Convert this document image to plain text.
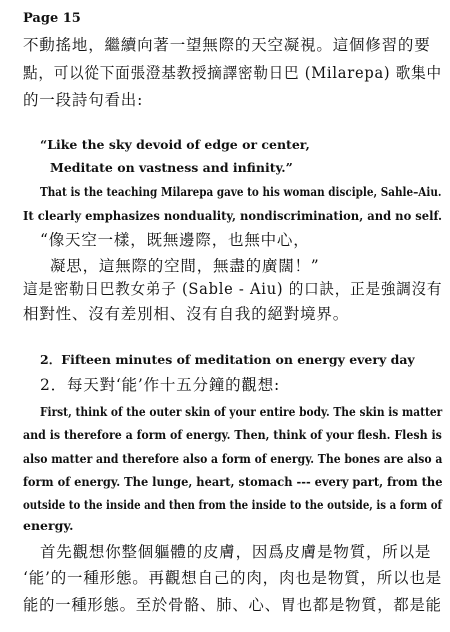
Page 15
不動搖地，繼續向著一望無際的天空凝視。這個修習的要
點，可以從下面張澄基教授摘譯密勒日巴 (Milarepa) 歌集中
的一段詩句看出:
“Like the sky devoid of edge or center,
Meditate on vastness and infinity.”
That is the teaching Milarepa gave to his woman disciple, Sahle–Aiu.
It clearly emphasizes nonduality, nondiscrimination, and no self.
“像天空一樣，既無邊際，也無中心，
凝思，這無際的空間，無盡的廣闊！”
這是密勒日巴教女弟子 (Sable - Aiu) 的口訣，正是強調沒有
相對性、沒有差別相、沒有自我的絕對境界。
2．Fifteen minutes of meditation on energy every day
2．每天對‘能’作十五分鐘的觀想:
First, think of the outer skin of your entire body. The skin is matter
and is therefore a form of energy. Then, think of your flesh. Flesh is
also matter and therefore also a form of energy. The bones are also a
form of energy. The lunge, heart, stomach --- every part, from the
outside to the inside and then from the inside to the outside, is a form of
energy.
首先觀想你整個軀體的皮膚，因爲皮膚是物質，所以是
‘能’的一種形態。再觀想自己的肉，肉也是物質，所以也是
能的一種形態。至於骨骼、肺、心、胃也都是物質，都是能
